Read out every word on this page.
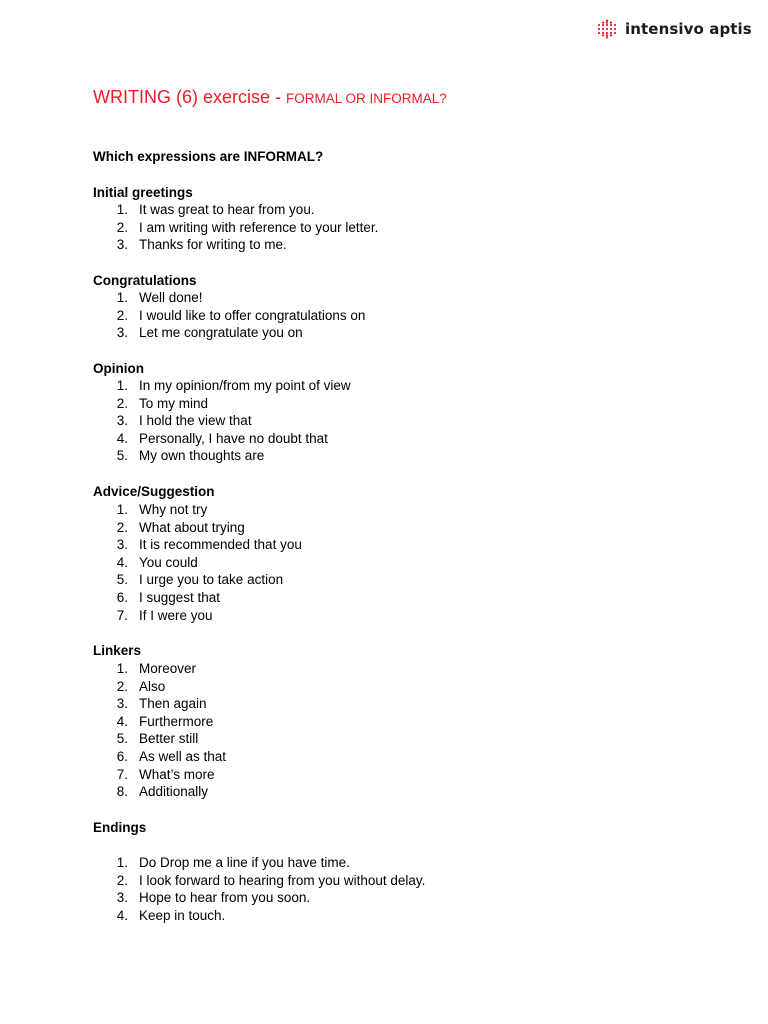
intensivo aptis
WRITING (6) exercise - FORMAL OR INFORMAL?
Which expressions are INFORMAL?
Initial greetings
1. It was great to hear from you.
2. I am writing with reference to your letter.
3. Thanks for writing to me.
Congratulations
1. Well done!
2. I would like to offer congratulations on
3. Let me congratulate you on
Opinion
1. In my opinion/from my point of view
2. To my mind
3. I hold the view that
4. Personally, I have no doubt that
5. My own thoughts are
Advice/Suggestion
1. Why not try
2. What about trying
3. It is recommended that you
4. You could
5. I urge you to take action
6. I suggest that
7. If I were you
Linkers
1. Moreover
2. Also
3. Then again
4. Furthermore
5. Better still
6. As well as that
7. What’s more
8. Additionally
Endings
1. Do Drop me a line if you have time.
2. I look forward to hearing from you without delay.
3. Hope to hear from you soon.
4. Keep in touch.
